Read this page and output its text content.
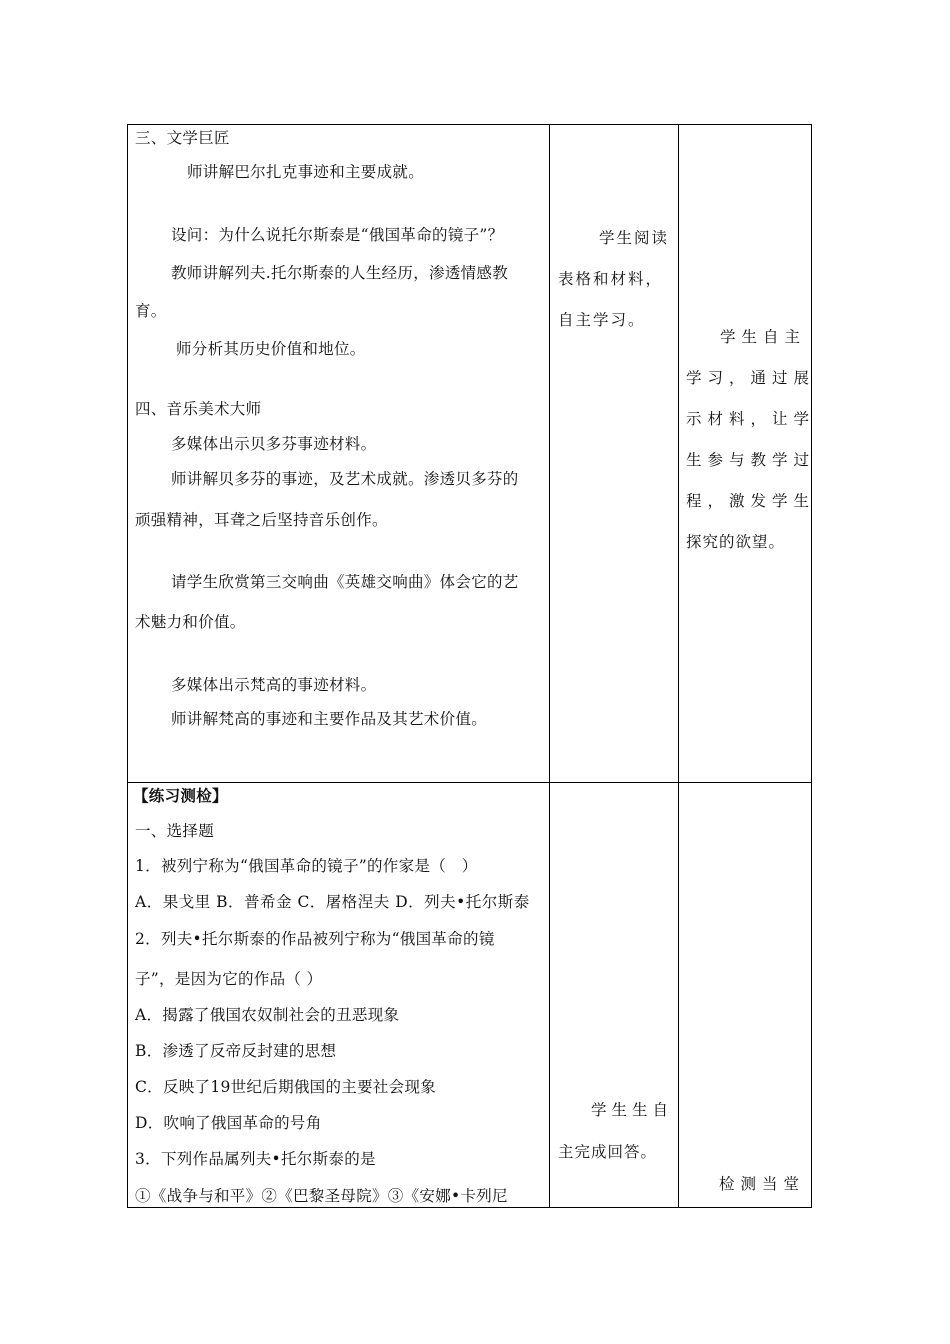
三、文学巨匠
师讲解巴尔扎克事迹和主要成就。
设问：为什么说托尔斯泰是“俄国革命的镜子”？
教师讲解列夫.托尔斯泰的人生经历，渗透情感教
育。
师分析其历史价值和地位。
四、音乐美术大师
多媒体出示贝多芬事迹材料。
师讲解贝多芬的事迹，及艺术成就。渗透贝多芬的
顽强精神，耳聋之后坚持音乐创作。
请学生欣赏第三交响曲《英雄交响曲》体会它的艺
术魅力和价值。
多媒体出示梵高的事迹材料。
师讲解梵高的事迹和主要作品及其艺术价值。
学生阅读
表格和材料，
自主学习。
学生自主
学习，通过展
示材料，让学
生参与教学过
程，激发学生
探究的欲望。
【练习测检】
一、选择题
1．被列宁称为“俄国革命的镜子”的作家是（　）
A．果戈里 B．普希金 C．屠格涅夫 D．列夫•托尔斯泰
2．列夫•托尔斯泰的作品被列宁称为“俄国革命的镜
子”，是因为它的作品（ ）
A．揭露了俄国农奴制社会的丑恶现象
B．渗透了反帝反封建的思想
C．反映了19世纪后期俄国的主要社会现象
D．吹响了俄国革命的号角
3．下列作品属列夫•托尔斯泰的是
①《战争与和平》②《巴黎圣母院》③《安娜•卡列尼
学生生自
主完成回答。
检测当堂
